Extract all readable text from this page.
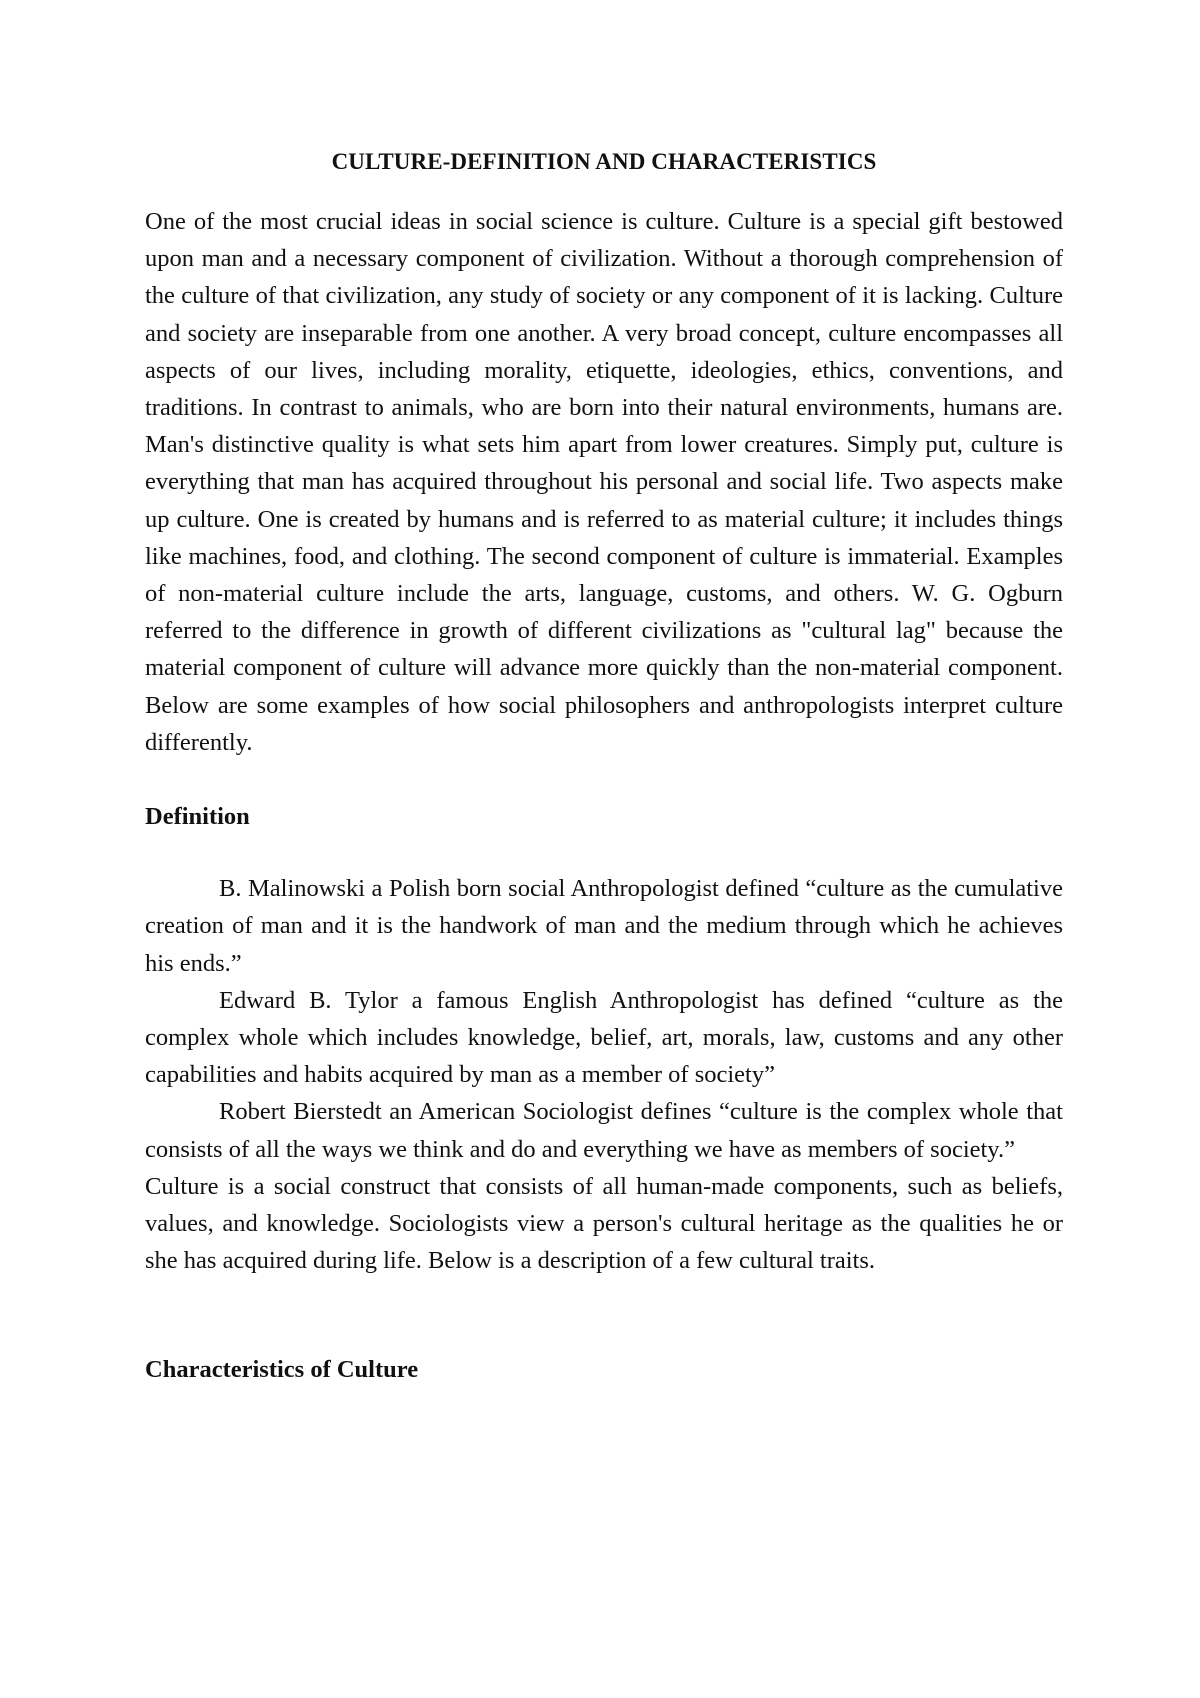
CULTURE-DEFINITION AND CHARACTERISTICS

One of the most crucial ideas in social science is culture. Culture is a special gift bestowed upon man and a necessary component of civilization. Without a thorough comprehension of the culture of that civilization, any study of society or any component of it is lacking. Culture and society are inseparable from one another. A very broad concept, culture encompasses all aspects of our lives, including morality, etiquette, ideologies, ethics, conventions, and traditions. In contrast to animals, who are born into their natural environments, humans are. Man's distinctive quality is what sets him apart from lower creatures. Simply put, culture is everything that man has acquired throughout his personal and social life. Two aspects make up culture. One is created by humans and is referred to as material culture; it includes things like machines, food, and clothing. The second component of culture is immaterial. Examples of non-material culture include the arts, language, customs, and others. W. G. Ogburn referred to the difference in growth of different civilizations as "cultural lag" because the material component of culture will advance more quickly than the non-material component. Below are some examples of how social philosophers and anthropologists interpret culture differently.

Definition

B. Malinowski a Polish born social Anthropologist defined “culture as the cumulative creation of man and it is the handwork of man and the medium through which he achieves his ends.”

Edward B. Tylor a famous English Anthropologist has defined “culture as the complex whole which includes knowledge, belief, art, morals, law, customs and any other capabilities and habits acquired by man as a member of society”

Robert Bierstedt an American Sociologist defines “culture is the complex whole that consists of all the ways we think and do and everything we have as members of society.”

Culture is a social construct that consists of all human-made components, such as beliefs, values, and knowledge. Sociologists view a person's cultural heritage as the qualities he or she has acquired during life. Below is a description of a few cultural traits.

Characteristics of Culture
